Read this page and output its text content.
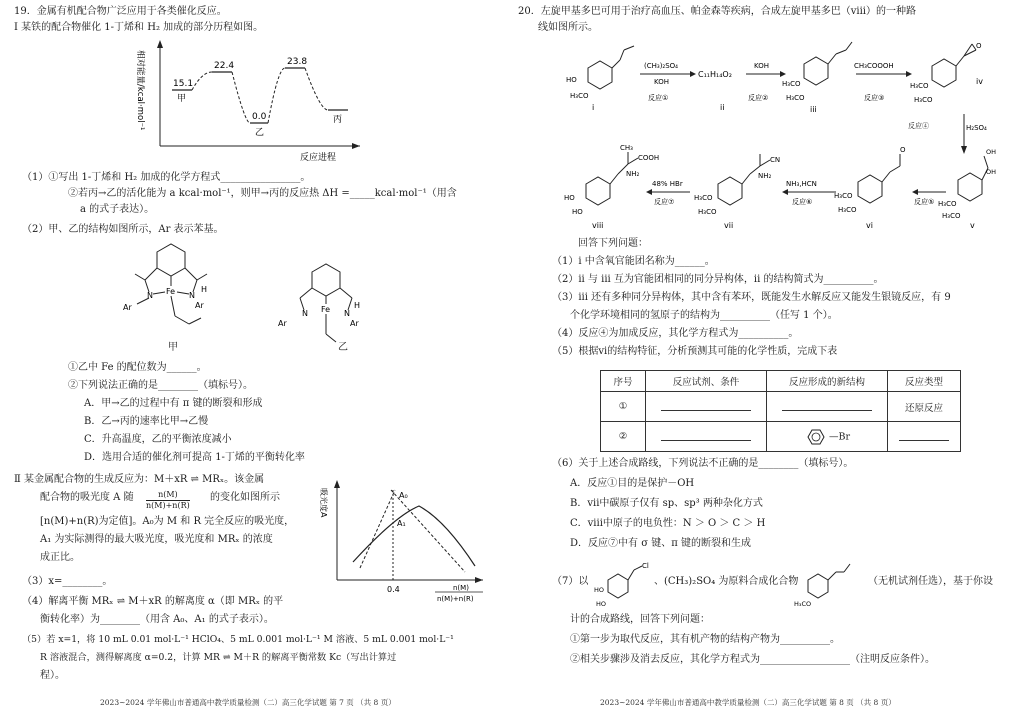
19．金属有机配合物广泛应用于各类催化反应。
Ⅰ 某铁的配合物催化 1-丁烯和 H₂ 加成的部分历程如图。
15.1
甲
22.4
0.0
乙
23.8
丙
反应进程
相对能量/kcal·mol⁻¹
（1）①写出 1-丁烯和 H₂ 加成的化学方程式________________。
②若丙→乙的活化能为 a kcal·mol⁻¹，则甲→丙的反应热 ΔH =_____kcal·mol⁻¹（用含
a 的式子表达）。
（2）甲、乙的结构如图所示，Ar 表示苯基。
N	N
Fe	H
Ar	Ar
甲
N	N
Fe	H
Ar	Ar
乙
①乙中 Fe 的配位数为______。
②下列说法正确的是________（填标号）。
A．甲→乙的过程中有 π 键的断裂和形成
B．乙→丙的速率比甲→乙慢
C．升高温度，乙的平衡浓度减小
D．选用合适的催化剂可提高 1-丁烯的平衡转化率
Ⅱ 某金属配合物的生成反应为：M＋xR ⇌ MRₓ。该金属
配合物的吸光度 A 随	n(M)
n(M)+n(R)
的变化如图所示
[n(M)+n(R)为定值]。A₀为 M 和 R 完全反应的吸光度，
A₁ 为实际测得的最大吸光度，吸光度和 MRₓ 的浓度
成正比。
A₀
A₁
0.4	n(M)
n(M)+n(R)
吸光度A
（3）x=________。
（4）解离平衡 MRₓ ⇌ M＋xR 的解离度 α（即 MRₓ 的平
衡转化率）为________（用含 A₀、A₁ 的式子表示）。
（5）若 x=1，将 10 mL 0.01 mol·L⁻¹ HClO₄、5 mL 0.001 mol·L⁻¹ M 溶液、5 mL 0.001 mol·L⁻¹
R 溶液混合，测得解离度 α=0.2，计算 MR ⇌ M＋R 的解离平衡常数 Kc（写出计算过
程）。
2023~2024 学年佛山市普通高中教学质量检测（二）高三化学试题 第 7 页 （共 8 页）
20．左旋甲基多巴可用于治疗高血压、帕金森等疾病，合成左旋甲基多巴（viii）的一种路
线如图所示。
HO
H₃CO
i
(CH₃)₂SO₄
KOH
反应①
C₁₁H₁₄O₂
ii
KOH
反应②
H₃CO
H₃CO
iii
CH₃COOOH
反应③
O
H₃CO
H₃CO
iv
H₂SO₄
反应④
CH₃
COOH
NH₂
HO
HO
viii
48% HBr
反应⑦
CN
NH₂
H₃CO
H₃CO
vii
NH₃,HCN
反应⑥
O
H₃CO
H₃CO
vi
反应⑤
OH
OH
H₃CO
H₃CO
v
回答下列问题：
（1）i 中含氧官能团名称为______。
（2）ii 与 iii 互为官能团相同的同分异构体，ii 的结构简式为__________。
（3）iii 还有多种同分异构体，其中含有苯环，既能发生水解反应又能发生银镜反应，有 9
个化学环境相同的氢原子的结构为__________（任写 1 个）。
（4）反应④为加成反应，其化学方程式为__________。
（5）根据vi的结构特征，分析预测其可能的化学性质，完成下表
序号	反应试剂、条件	反应形成的新结构	反应类型
①			还原反应
②		—Br	
（6）关于上述合成路线，下列说法不正确的是________（填标号）。
A．反应①目的是保护－OH
B．vii中碳原子仅有 sp、sp³ 两种杂化方式
C．viii中原子的电负性：N ＞ O ＞ C ＞ H
D．反应⑦中有 σ 键、π 键的断裂和生成
（7）以
Cl
HO
HO
、(CH₃)₂SO₄ 为原料合成化合物
H₃CO
（无机试剂任选），基于你设
计的合成路线，回答下列问题：
①第一步为取代反应，其有机产物的结构产物为__________。
②相关步骤涉及消去反应，其化学方程式为__________________（注明反应条件）。
2023~2024 学年佛山市普通高中教学质量检测（二）高三化学试题 第 8 页 （共 8 页）
